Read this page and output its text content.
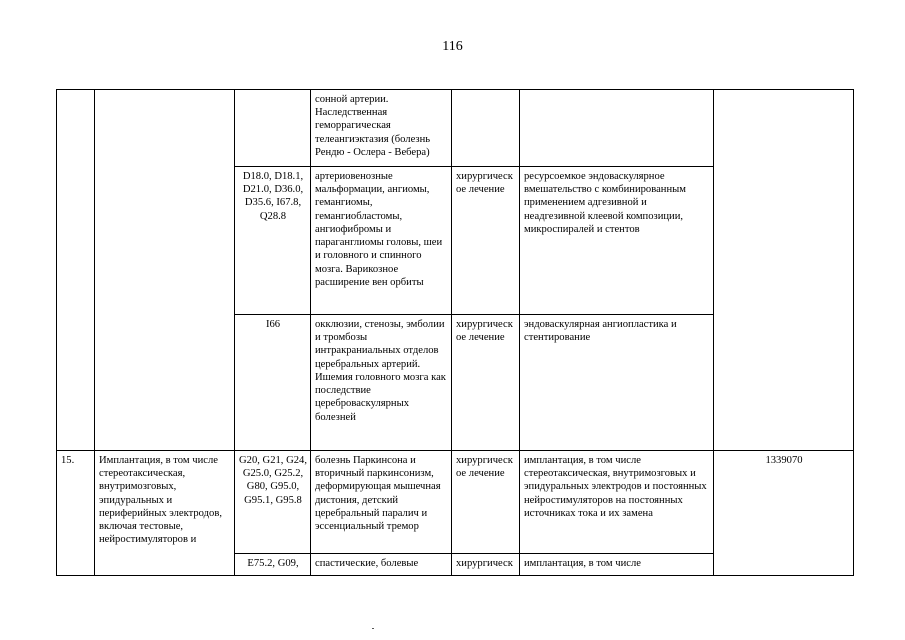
116
			сонной артерии. Наследственная геморрагическая телеангиэктазия (болезнь Рендю - Ослера - Вебера)			
		D18.0, D18.1, D21.0, D36.0, D35.6, I67.8, Q28.8	артериовенозные мальформации, ангиомы, гемангиомы, гемангиобластомы, ангиофибромы и параганглиомы головы, шеи и головного и спинного мозга. Варикозное расширение вен орбиты	хирургическ ое лечение	ресурсоемкое эндоваскулярное вмешательство с комбинированным применением адгезивной и неадгезивной клеевой композиции, микроспиралей и стентов	
		I66	окклюзии, стенозы, эмболии и тромбозы интракраниальных отделов церебральных артерий. Ишемия головного мозга как последствие цереброваскулярных болезней	хирургическ ое лечение	эндоваскулярная ангиопластика и стентирование	
15.	Имплантация, в том числе стереотаксическая, внутримозговых, эпидуральных и периферийных электродов, включая тестовые, нейростимуляторов и	G20, G21, G24, G25.0, G25.2, G80, G95.0, G95.1, G95.8	болезнь Паркинсона и вторичный паркинсонизм, деформирующая мышечная дистония, детский церебральный паралич и эссенциальный тремор	хирургическ ое лечение	имплантация, в том числе стереотаксическая, внутримозговых и эпидуральных электродов и постоянных нейростимуляторов на постоянных источниках тока и их замена	1339070
		E75.2, G09,	спастические, болевые	хирургическ	имплантация, в том числе	
